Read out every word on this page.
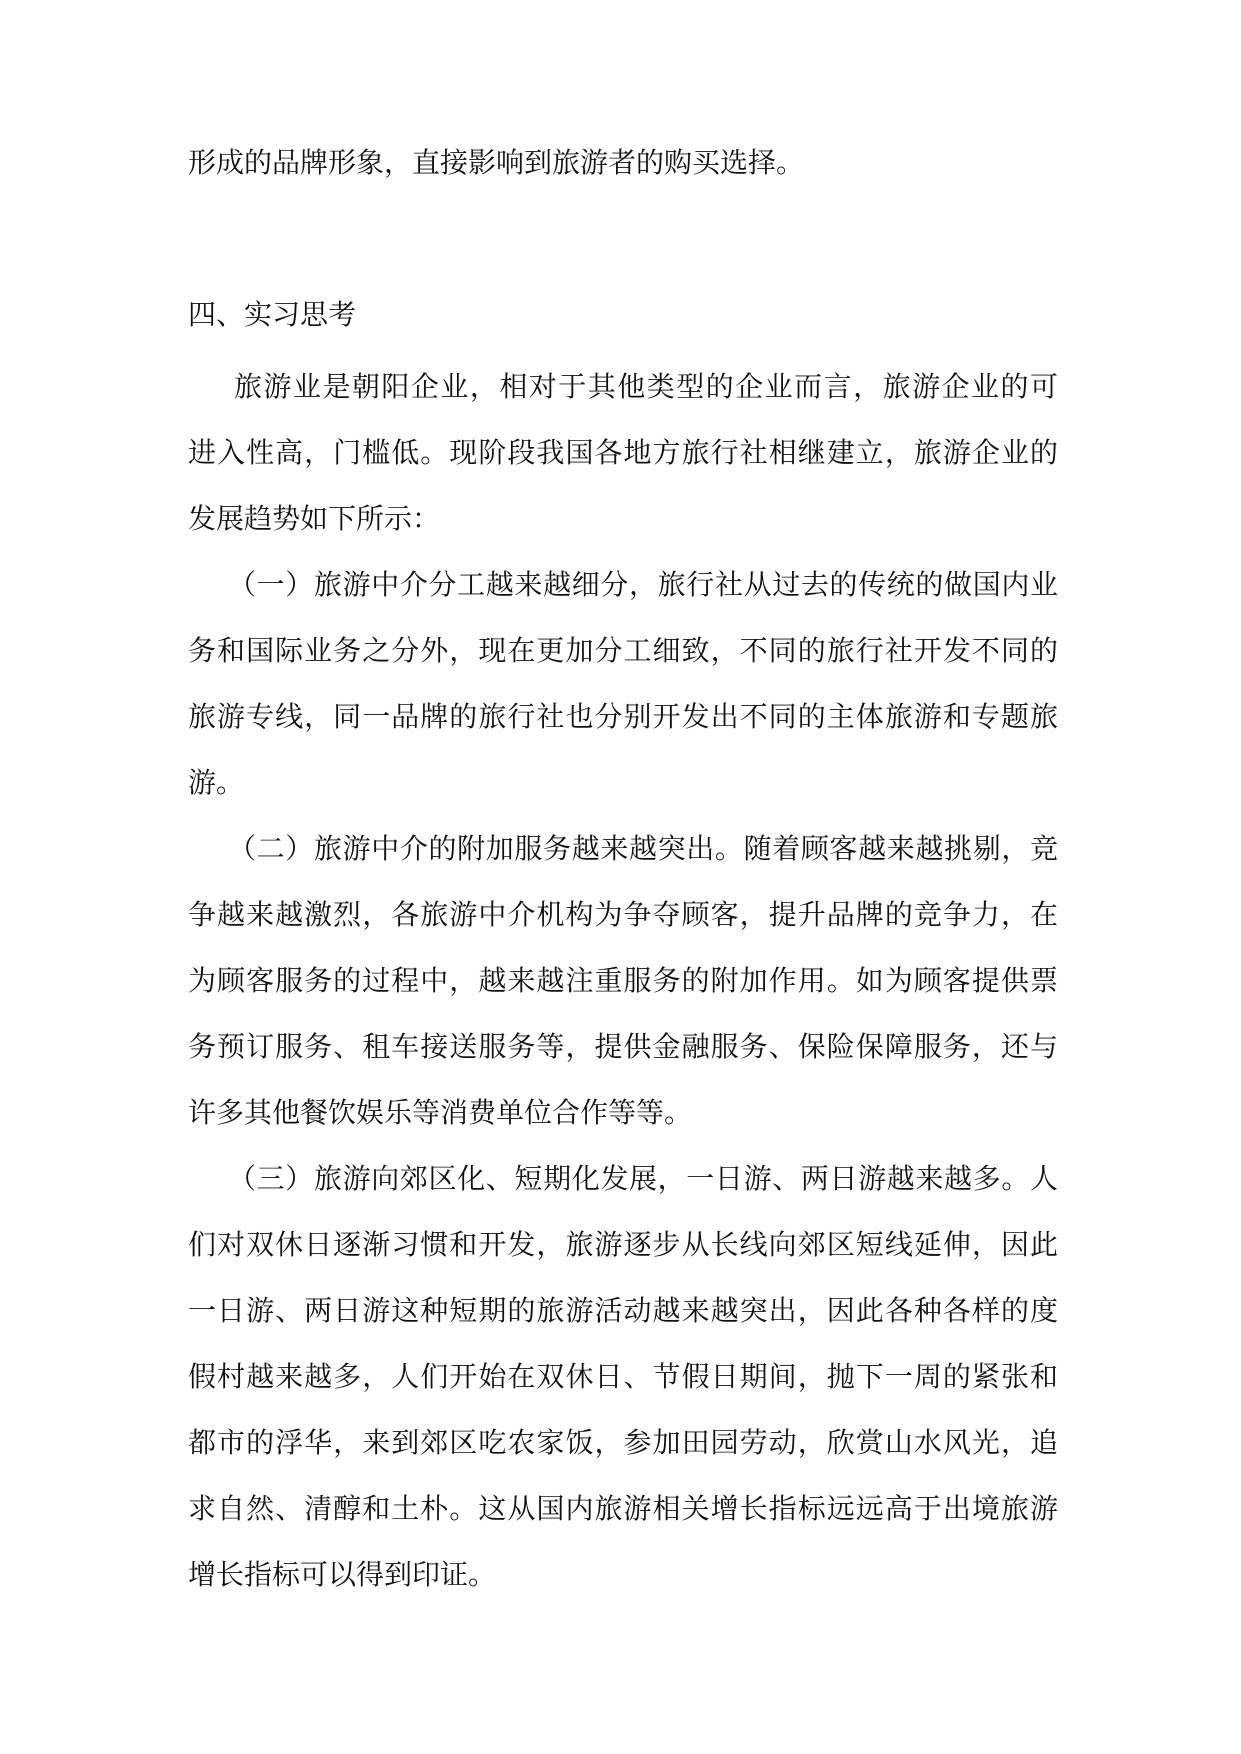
形成的品牌形象，直接影响到旅游者的购买选择。
四、实习思考
旅游业是朝阳企业，相对于其他类型的企业而言，旅游企业的可
进入性高，门槛低。现阶段我国各地方旅行社相继建立，旅游企业的
发展趋势如下所示：
（一）旅游中介分工越来越细分，旅行社从过去的传统的做国内业
务和国际业务之分外，现在更加分工细致，不同的旅行社开发不同的
旅游专线，同一品牌的旅行社也分别开发出不同的主体旅游和专题旅
游。
（二）旅游中介的附加服务越来越突出。随着顾客越来越挑剔，竞
争越来越激烈，各旅游中介机构为争夺顾客，提升品牌的竞争力，在
为顾客服务的过程中，越来越注重服务的附加作用。如为顾客提供票
务预订服务、租车接送服务等，提供金融服务、保险保障服务，还与
许多其他餐饮娱乐等消费单位合作等等。
（三）旅游向郊区化、短期化发展，一日游、两日游越来越多。人
们对双休日逐渐习惯和开发，旅游逐步从长线向郊区短线延伸，因此
一日游、两日游这种短期的旅游活动越来越突出，因此各种各样的度
假村越来越多，人们开始在双休日、节假日期间，抛下一周的紧张和
都市的浮华，来到郊区吃农家饭，参加田园劳动，欣赏山水风光，追
求自然、清醇和土朴。这从国内旅游相关增长指标远远高于出境旅游
增长指标可以得到印证。
